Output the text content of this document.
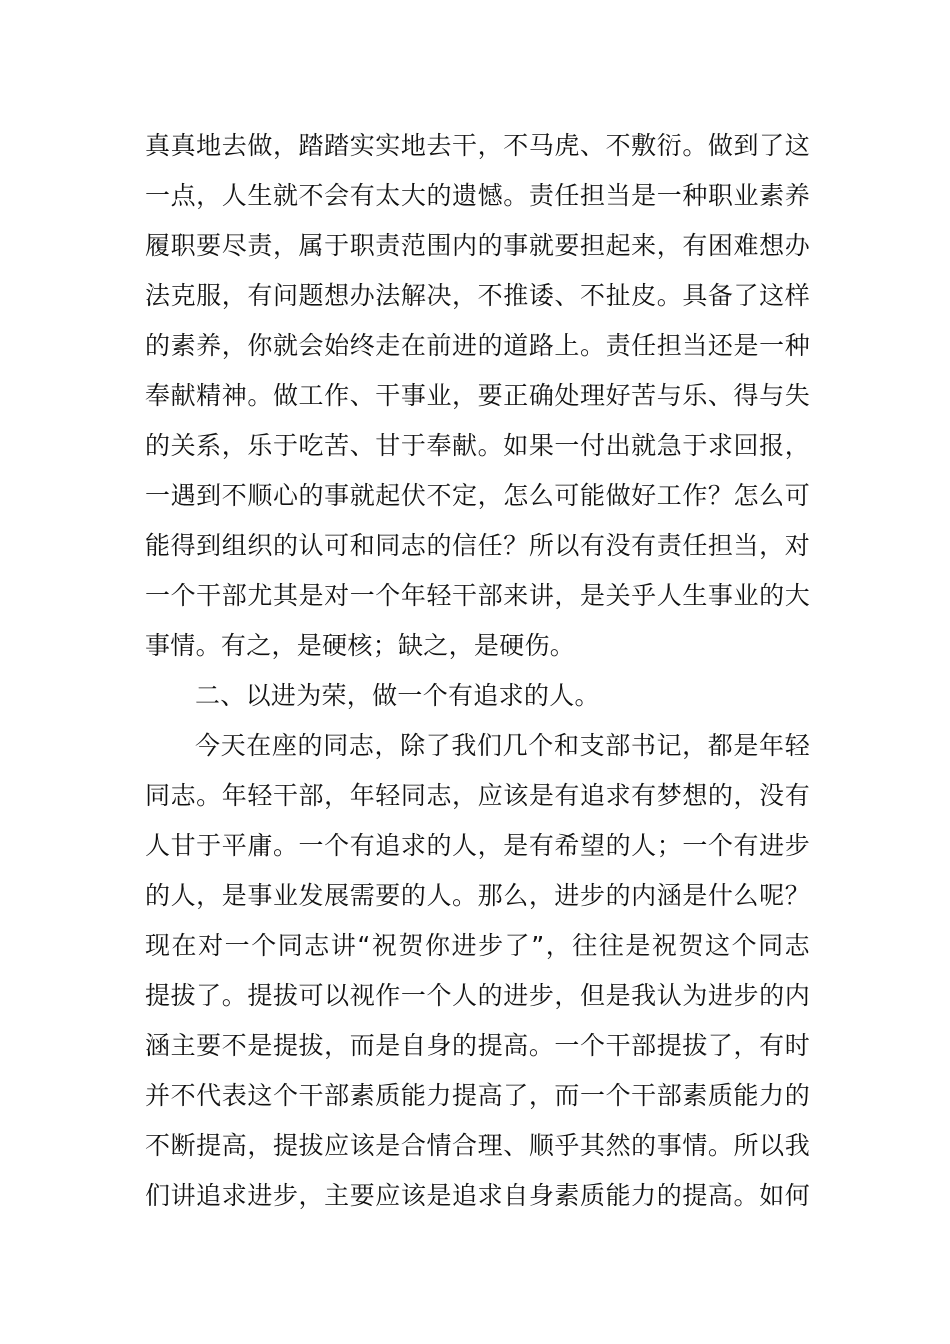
真真地去做，踏踏实实地去干，不马虎、不敷衍。做到了这
一点，人生就不会有太大的遗憾。责任担当是一种职业素养
履职要尽责，属于职责范围内的事就要担起来，有困难想办
法克服，有问题想办法解决，不推诿、不扯皮。具备了这样
的素养，你就会始终走在前进的道路上。责任担当还是一种
奉献精神。做工作、干事业，要正确处理好苦与乐、得与失
的关系，乐于吃苦、甘于奉献。如果一付出就急于求回报，
一遇到不顺心的事就起伏不定，怎么可能做好工作？怎么可
能得到组织的认可和同志的信任？所以有没有责任担当，对
一个干部尤其是对一个年轻干部来讲，是关乎人生事业的大
事情。有之，是硬核；缺之，是硬伤。
二、以进为荣，做一个有追求的人。
今天在座的同志，除了我们几个和支部书记，都是年轻
同志。年轻干部，年轻同志，应该是有追求有梦想的，没有
人甘于平庸。一个有追求的人，是有希望的人；一个有进步
的人，是事业发展需要的人。那么，进步的内涵是什么呢？
现在对一个同志讲“祝贺你进步了”，往往是祝贺这个同志
提拔了。提拔可以视作一个人的进步，但是我认为进步的内
涵主要不是提拔，而是自身的提高。一个干部提拔了，有时
并不代表这个干部素质能力提高了，而一个干部素质能力的
不断提高，提拔应该是合情合理、顺乎其然的事情。所以我
们讲追求进步，主要应该是追求自身素质能力的提高。如何
